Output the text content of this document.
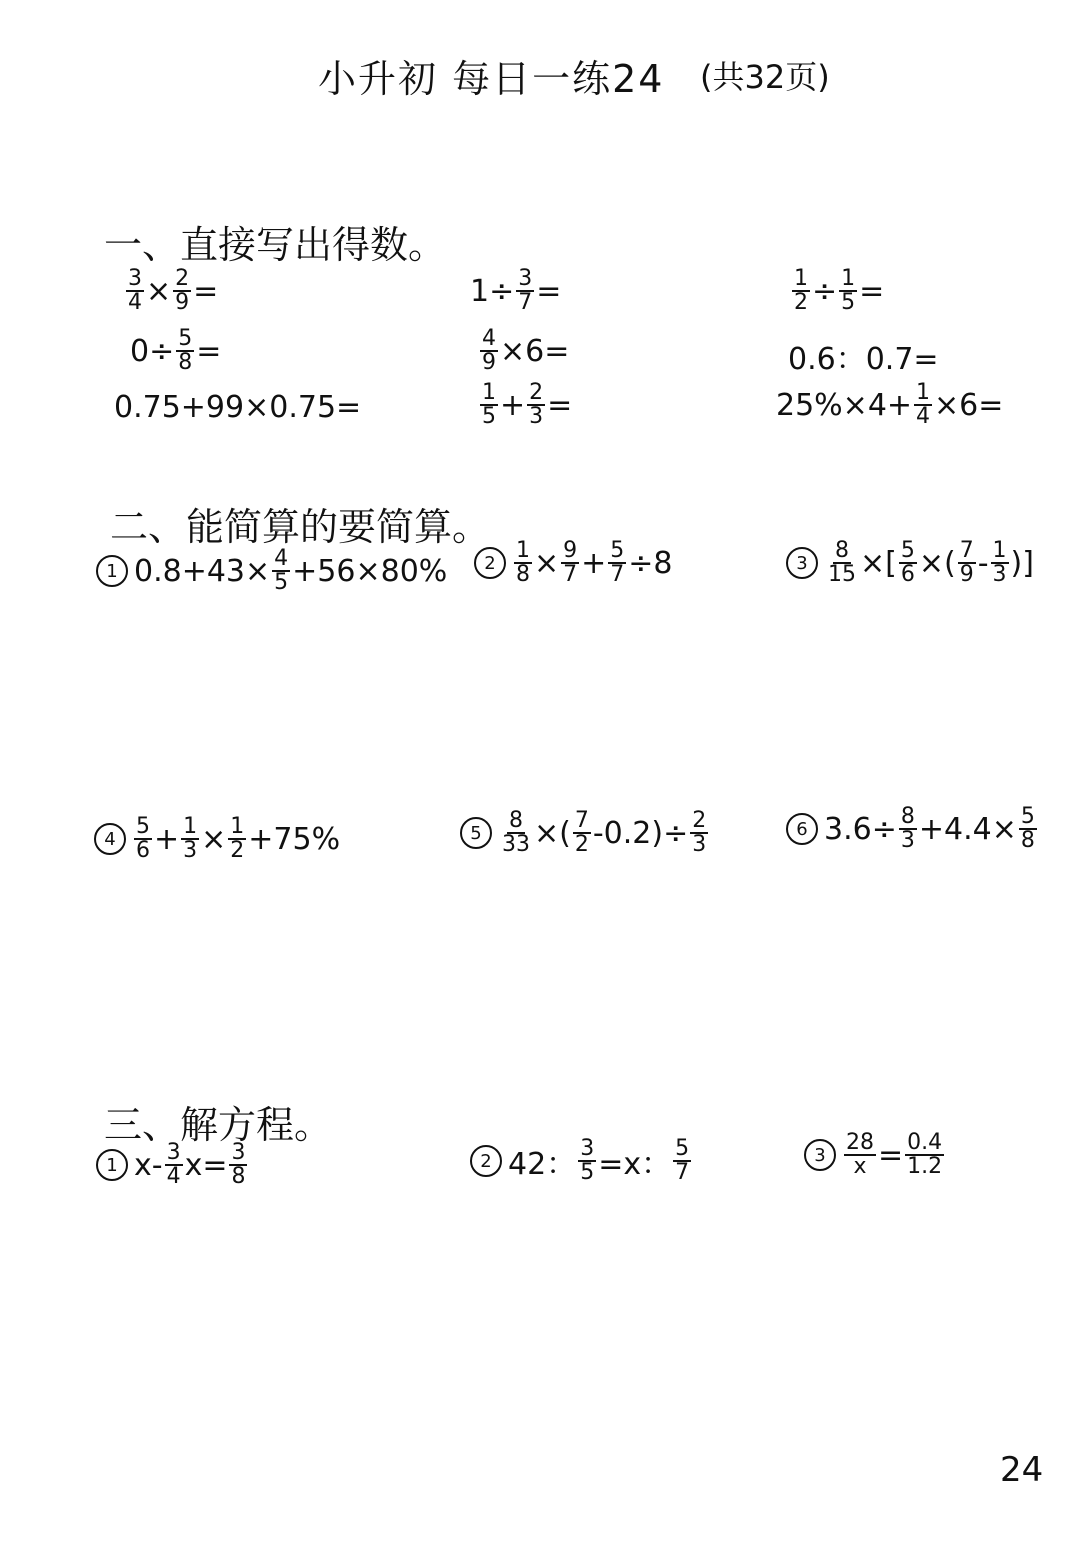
小升初 每日一练24 (共32页)
一、直接写出得数。
$\frac{3}{4} \times \frac{2}{9}$ =	$1\div \frac{3}{7}$ =	$\frac{1}{2} \div \frac{1}{5}$ =
$0\div \frac{5}{8}$ =	$\frac{4}{9} \times 6=$	0.6：0.7=
0.75+99×0.75=	$\frac{1}{5} + \frac{2}{3}$ =	$25\%\times 4+ \frac{1}{4} \times 6=$
二、能简算的要简算。
1 $0.8+43\times \frac{4}{5} +56\times 80\%$	$2 \frac{1}{8} \times \frac{9}{7} + \frac{5}{7} \div 8$	$3 \frac{8}{15}$ ×[ $\frac{5}{6}$ ×( $\frac{7}{9} - \frac{1}{3}$ )]
$4 \frac{5}{6} + \frac{1}{3} \times \frac{1}{2} +75\%$	$5 \frac{8}{33}$ ×( $\frac{7}{2} -0.2)\div \frac{2}{3}$	6 $3.6\div \frac{8}{3} +4.4\times \frac{5}{8}$
三、解方程。
1 $x- \frac{3}{4} x= \frac{3}{8}$	2 42： $\frac{3}{5} =x$： $\frac{5}{7}$	$3 \frac{28}{x} = \frac{0.4}{1.2}$
24
